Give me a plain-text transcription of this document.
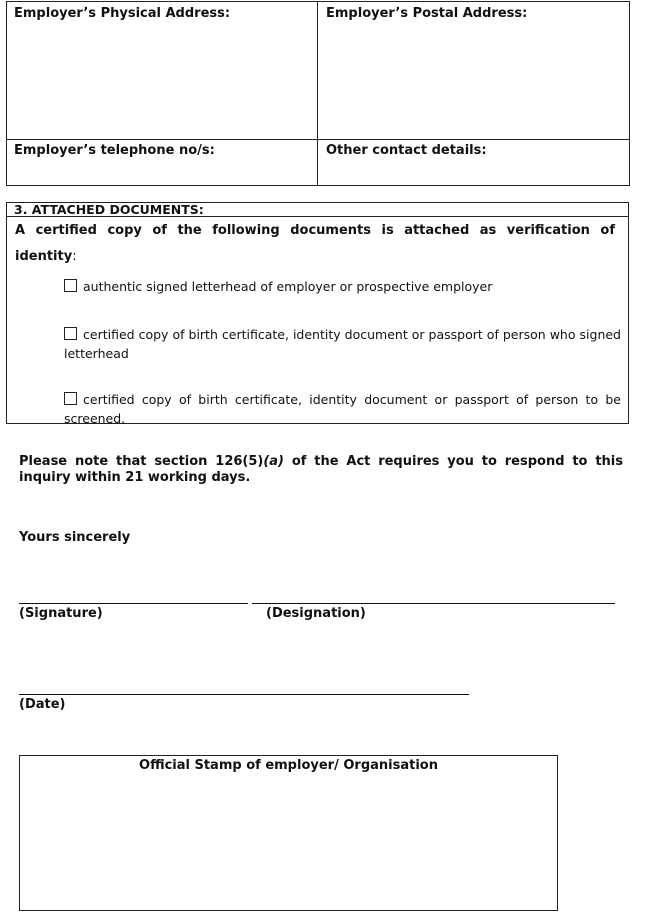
Employer’s Physical Address:	Employer’s Postal Address:
Employer’s telephone no/s:	Other contact details:
3. ATTACHED DOCUMENTS:
A certified copy of the following documents is attached as verification of
identity:
authentic signed letterhead of employer or prospective employer
certified copy of birth certificate, identity document or passport of person who signed letterhead
certified copy of birth certificate, identity document or passport of person to be screened.
Please note that section 126(5)(a) of the Act requires you to respond to this inquiry within 21 working days.
Yours sincerely
(Signature)	(Designation)
(Date)
Official Stamp of employer/ Organisation
